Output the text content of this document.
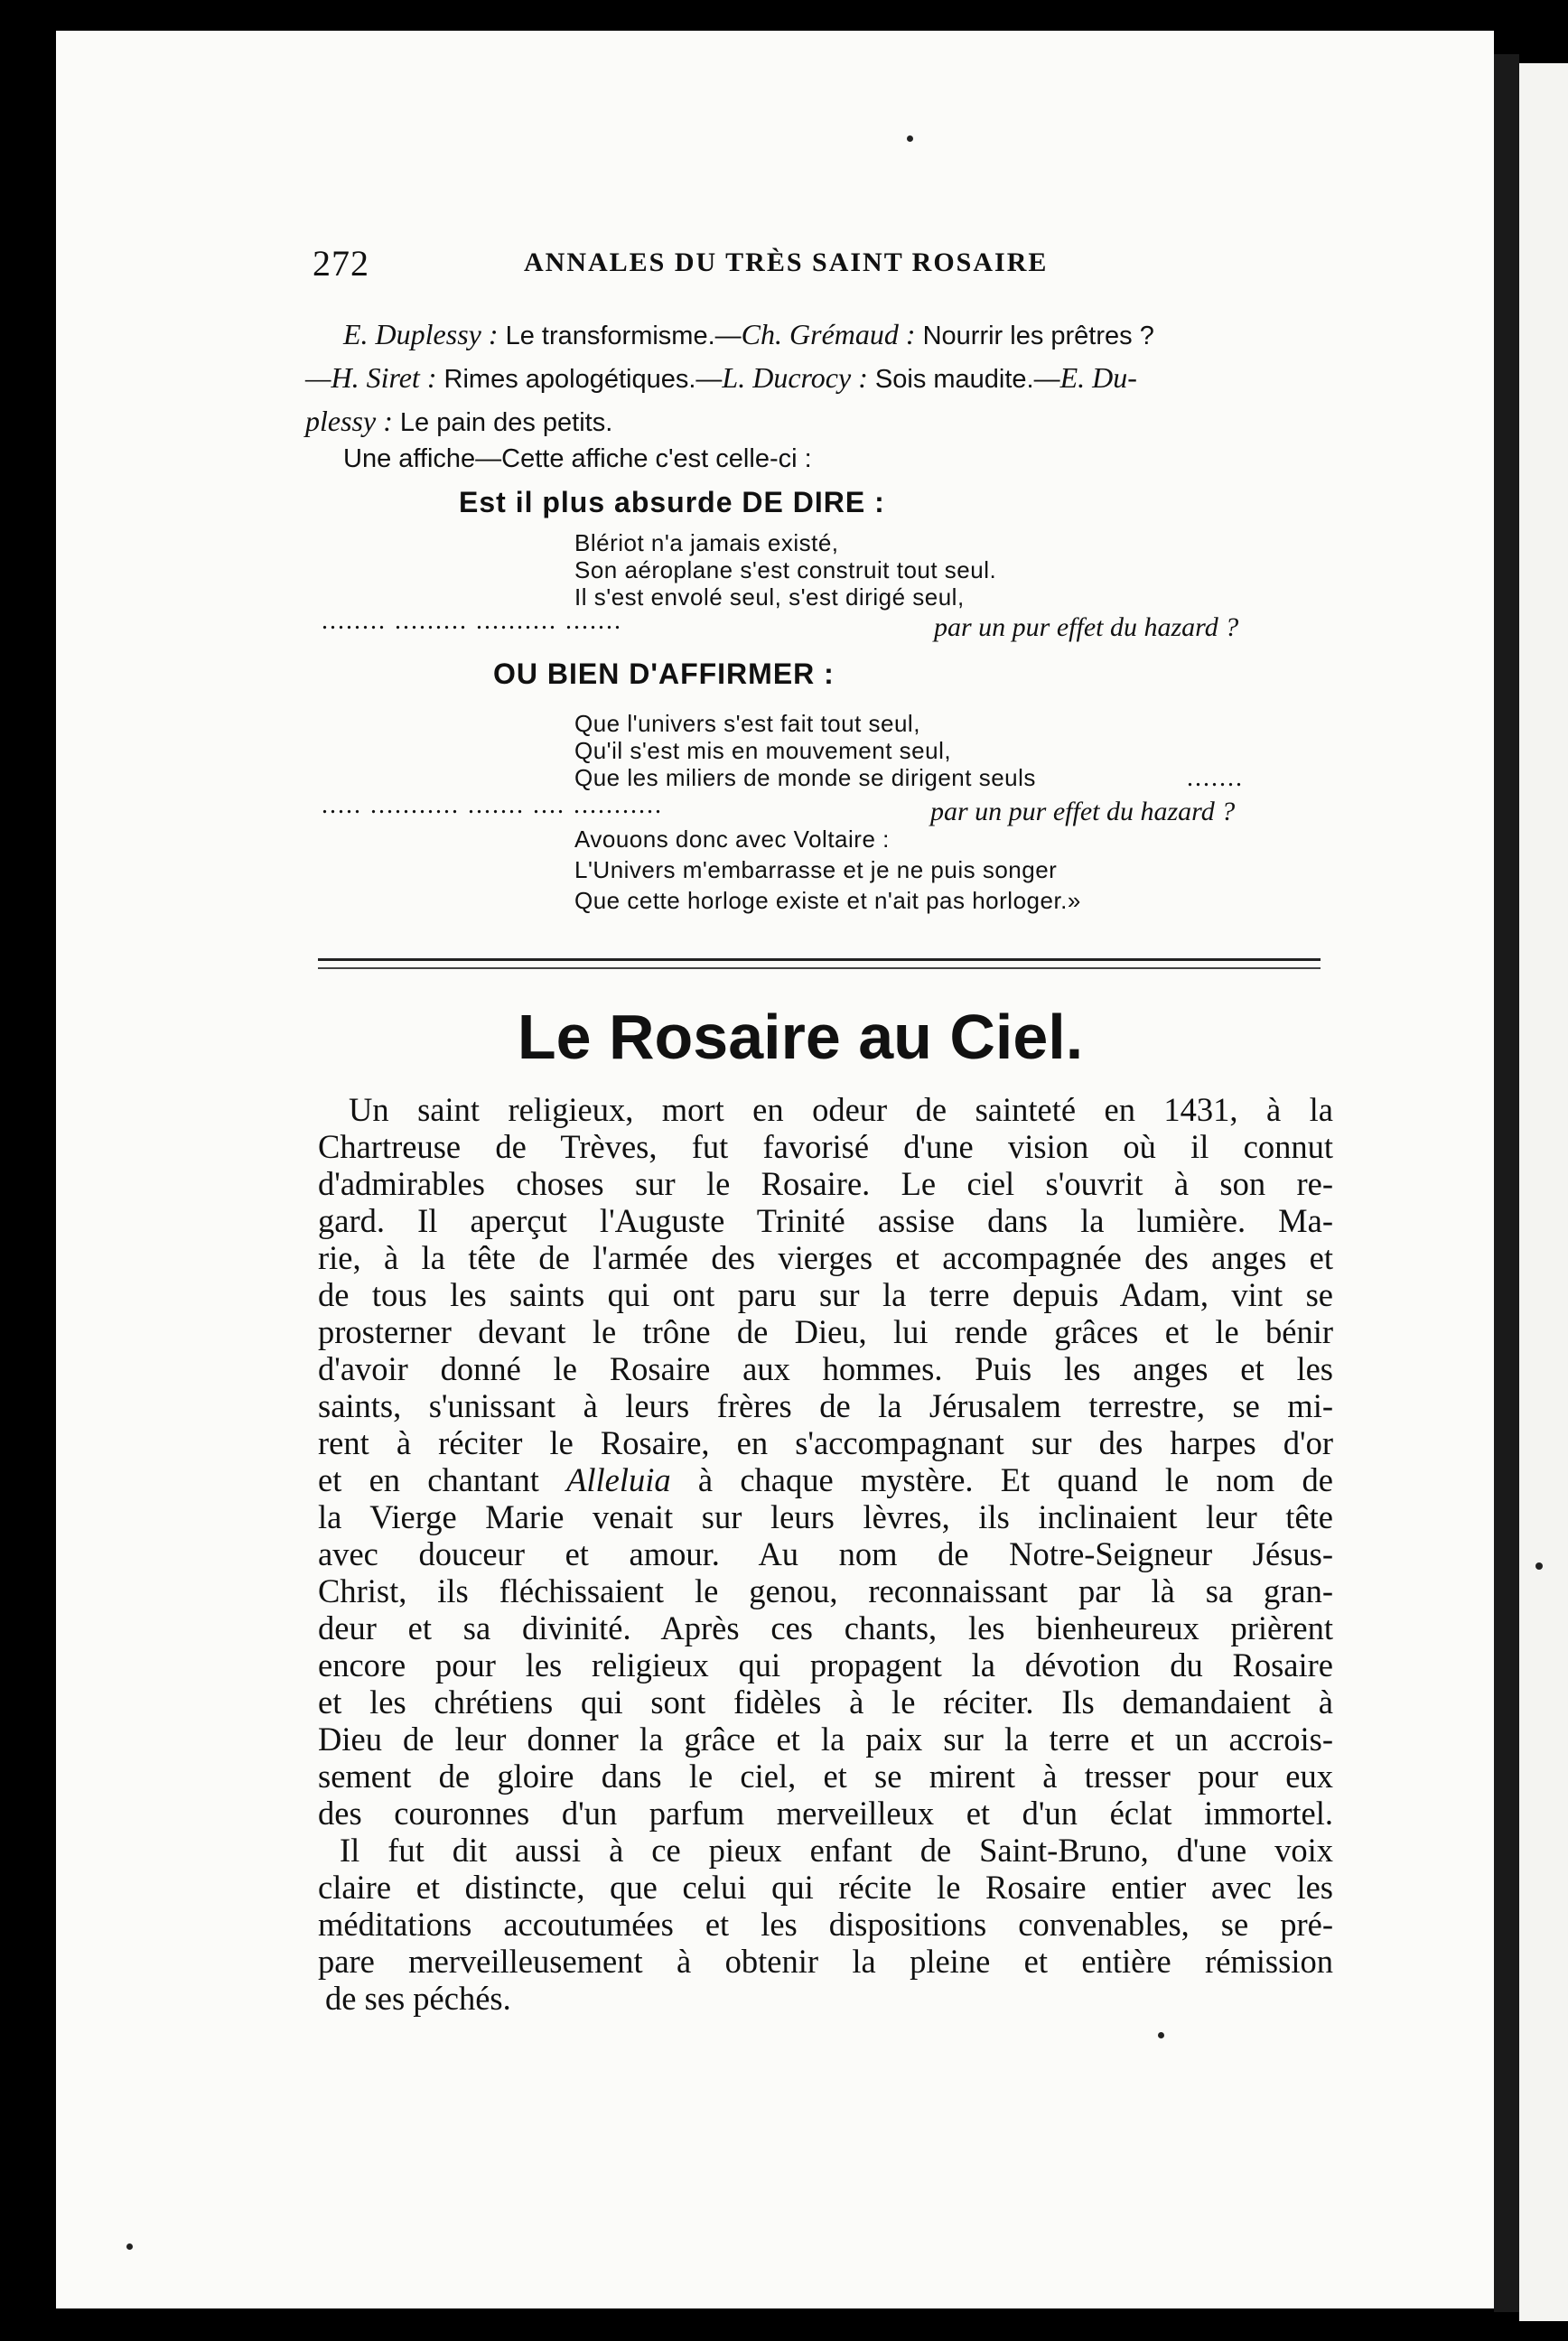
272	ANNALES DU TRÈS SAINT ROSAIRE
E. Duplessy : Le transformisme.—Ch. Grémaud : Nourrir les prêtres ?
—H. Siret : Rimes apologétiques.—L. Ducrocy : Sois maudite.—E. Du-
plessy : Le pain des petits.
Une affiche—Cette affiche c'est celle-ci :
Est il plus absurde DE DIRE :
Blériot n'a jamais existé,
Son aéroplane s'est construit tout seul.
Il s'est envolé seul, s'est dirigé seul,
........ ......... .......... .......	par un pur effet du hazard ?
OU BIEN D'AFFIRMER :
Que l'univers s'est fait tout seul,
Qu'il s'est mis en mouvement seul,
Que les miliers de monde se dirigent seuls	.......
..... ........... ....... .... ...........	par un pur effet du hazard ?
Avouons donc avec Voltaire :
L'Univers m'embarrasse et je ne puis songer
Que cette horloge existe et n'ait pas horloger.»
Le Rosaire au Ciel.
Un saint religieux, mort en odeur de sainteté en 1431, à la
Chartreuse de Trèves, fut favorisé d'une vision où il connut
d'admirables choses sur le Rosaire. Le ciel s'ouvrit à son re-
gard. Il aperçut l'Auguste Trinité assise dans la lumière. Ma-
rie, à la tête de l'armée des vierges et accompagnée des anges et
de tous les saints qui ont paru sur la terre depuis Adam, vint se
prosterner devant le trône de Dieu, lui rende grâces et le bénir
d'avoir donné le Rosaire aux hommes. Puis les anges et les
saints, s'unissant à leurs frères de la Jérusalem terrestre, se mi-
rent à réciter le Rosaire, en s'accompagnant sur des harpes d'or
et en chantant Alleluia à chaque mystère. Et quand le nom de
la Vierge Marie venait sur leurs lèvres, ils inclinaient leur tête
avec douceur et amour. Au nom de Notre-Seigneur Jésus-
Christ, ils fléchissaient le genou, reconnaissant par là sa gran-
deur et sa divinité. Après ces chants, les bienheureux prièrent
encore pour les religieux qui propagent la dévotion du Rosaire
et les chrétiens qui sont fidèles à le réciter. Ils demandaient à
Dieu de leur donner la grâce et la paix sur la terre et un accrois-
sement de gloire dans le ciel, et se mirent à tresser pour eux
des couronnes d'un parfum merveilleux et d'un éclat immortel.
Il fut dit aussi à ce pieux enfant de Saint-Bruno, d'une voix
claire et distincte, que celui qui récite le Rosaire entier avec les
méditations accoutumées et les dispositions convenables, se pré-
pare merveilleusement à obtenir la pleine et entière rémission
de ses péchés.
